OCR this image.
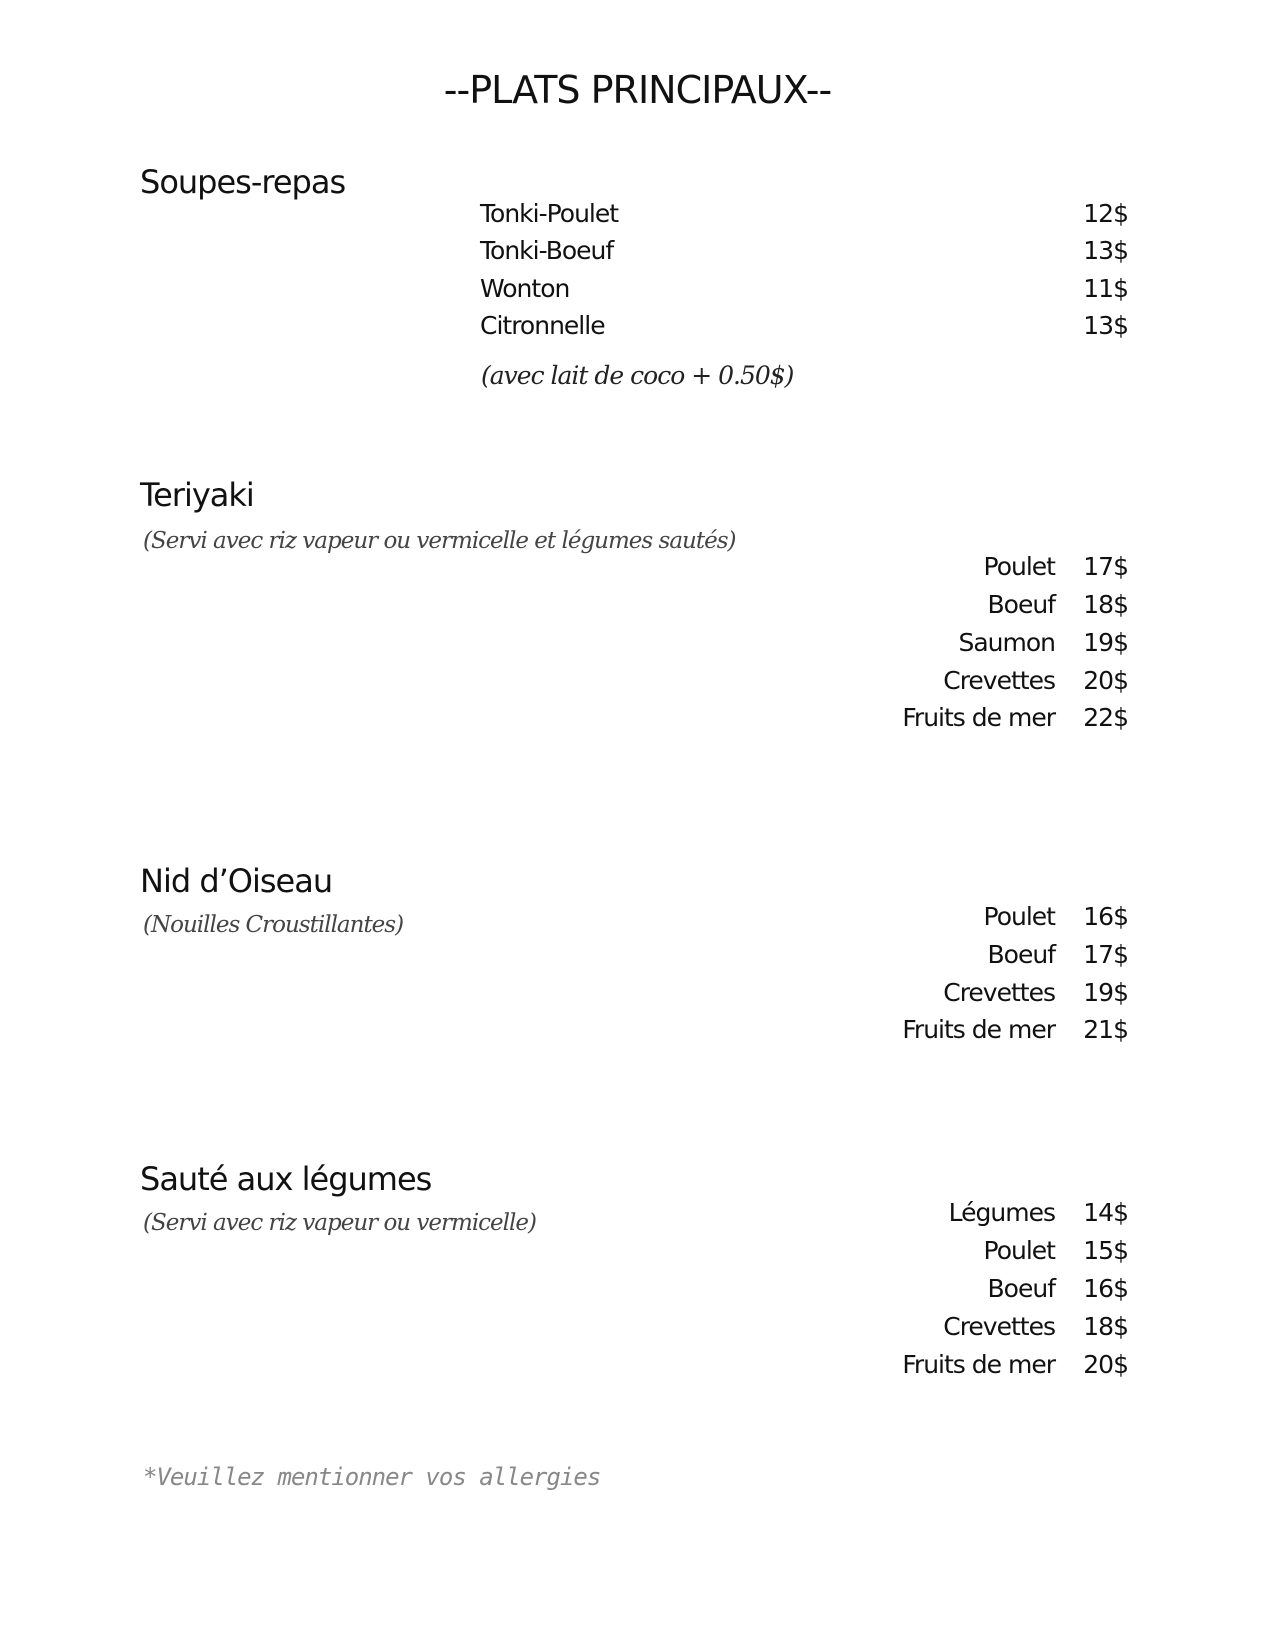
--PLATS PRINCIPAUX--
Soupes-repas
Tonki-Poulet	12$
Tonki-Boeuf	13$
Wonton	11$
Citronnelle	13$
(avec lait de coco + 0.50$)
Teriyaki
(Servi avec riz vapeur ou vermicelle et légumes sautés)
Poulet 17$
Boeuf 18$
Saumon 19$
Crevettes 20$
Fruits de mer 22$
Nid d’Oiseau
(Nouilles Croustillantes)	Poulet 16$
Boeuf 17$
Crevettes 19$
Fruits de mer 21$
Sauté aux légumes
(Servi avec riz vapeur ou vermicelle)	Légumes 14$
Poulet 15$
Boeuf 16$
Crevettes 18$
Fruits de mer 20$
*Veuillez mentionner vos allergies
